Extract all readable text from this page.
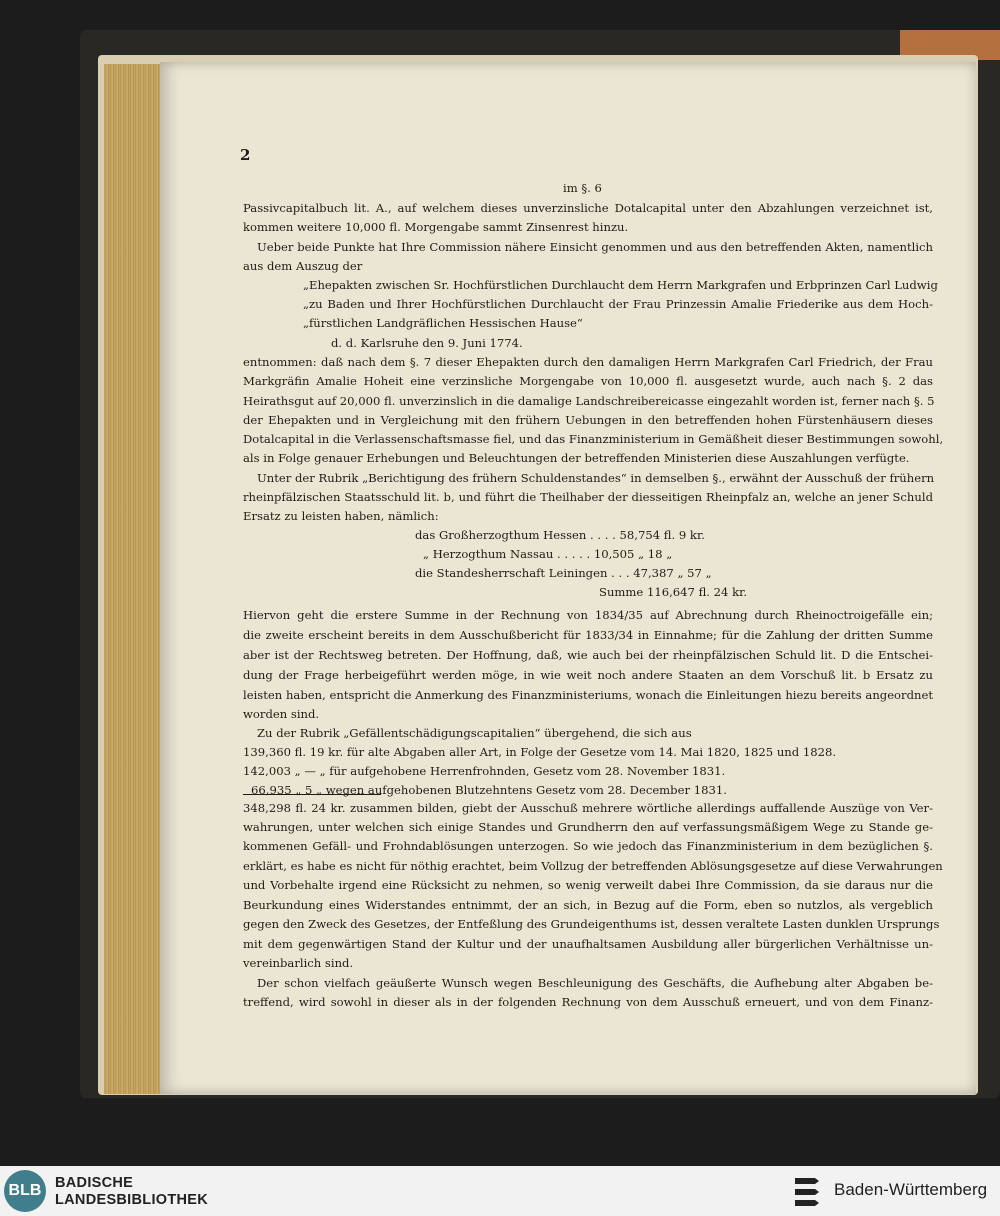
2
im §. 6
Passivcapitalbuch lit. A., auf welchem dieses unverzinsliche Dotalcapital unter den Abzahlungen verzeichnet ist,
kommen weitere 10,000 fl. Morgengabe sammt Zinsenrest hinzu.
Ueber beide Punkte hat Ihre Commission nähere Einsicht genommen und aus den betreffenden Akten, namentlich
aus dem Auszug der
„Ehepakten zwischen Sr. Hochfürstlichen Durchlaucht dem Herrn Markgrafen und Erbprinzen Carl Ludwig
„zu Baden und Ihrer Hochfürstlichen Durchlaucht der Frau Prinzessin Amalie Friederike aus dem Hoch-
„fürstlichen Landgräflichen Hessischen Hause“
d. d. Karlsruhe den 9. Juni 1774.
entnommen: daß nach dem §. 7 dieser Ehepakten durch den damaligen Herrn Markgrafen Carl Friedrich, der Frau
Markgräfin Amalie Hoheit eine verzinsliche Morgengabe von 10,000 fl. ausgesetzt wurde, auch nach §. 2 das
Heirathsgut auf 20,000 fl. unverzinslich in die damalige Landschreibereicasse eingezahlt worden ist, ferner nach §. 5
der Ehepakten und in Vergleichung mit den frühern Uebungen in den betreffenden hohen Fürstenhäusern dieses
Dotalcapital in die Verlassenschaftsmasse fiel, und das Finanzministerium in Gemäßheit dieser Bestimmungen sowohl,
als in Folge genauer Erhebungen und Beleuchtungen der betreffenden Ministerien diese Auszahlungen verfügte.
Unter der Rubrik „Berichtigung des frühern Schuldenstandes“ in demselben §., erwähnt der Ausschuß der frühern
rheinpfälzischen Staatsschuld lit. b, und führt die Theilhaber der diesseitigen Rheinpfalz an, welche an jener Schuld
Ersatz zu leisten haben, nämlich:
das Großherzogthum Hessen . . . . 58,754 fl. 9 kr.
„ Herzogthum Nassau . . . . . 10,505 „ 18 „
die Standesherrschaft Leiningen . . . 47,387 „ 57 „
Summe 116,647 fl. 24 kr.
Hiervon geht die erstere Summe in der Rechnung von 1834/35 auf Abrechnung durch Rheinoctroigefälle ein;
die zweite erscheint bereits in dem Ausschußbericht für 1833/34 in Einnahme; für die Zahlung der dritten Summe
aber ist der Rechtsweg betreten. Der Hoffnung, daß, wie auch bei der rheinpfälzischen Schuld lit. D die Entschei-
dung der Frage herbeigeführt werden möge, in wie weit noch andere Staaten an dem Vorschuß lit. b Ersatz zu
leisten haben, entspricht die Anmerkung des Finanzministeriums, wonach die Einleitungen hiezu bereits angeordnet
worden sind.
Zu der Rubrik „Gefällentschädigungscapitalien“ übergehend, die sich aus
139,360 fl. 19 kr. für alte Abgaben aller Art, in Folge der Gesetze vom 14. Mai 1820, 1825 und 1828.
142,003 „ — „ für aufgehobene Herrenfrohnden, Gesetz vom 28. November 1831.
66,935 „ 5 „ wegen aufgehobenen Blutzehntens Gesetz vom 28. December 1831.
348,298 fl. 24 kr. zusammen bilden, giebt der Ausschuß mehrere wörtliche allerdings auffallende Auszüge von Ver-
wahrungen, unter welchen sich einige Standes und Grundherrn den auf verfassungsmäßigem Wege zu Stande ge-
kommenen Gefäll- und Frohndablösungen unterzogen. So wie jedoch das Finanzministerium in dem bezüglichen §.
erklärt, es habe es nicht für nöthig erachtet, beim Vollzug der betreffenden Ablösungsgesetze auf diese Verwahrungen
und Vorbehalte irgend eine Rücksicht zu nehmen, so wenig verweilt dabei Ihre Commission, da sie daraus nur die
Beurkundung eines Widerstandes entnimmt, der an sich, in Bezug auf die Form, eben so nutzlos, als vergeblich
gegen den Zweck des Gesetzes, der Entfeßlung des Grundeigenthums ist, dessen veraltete Lasten dunklen Ursprungs
mit dem gegenwärtigen Stand der Kultur und der unaufhaltsamen Ausbildung aller bürgerlichen Verhältnisse un-
vereinbarlich sind.
Der schon vielfach geäußerte Wunsch wegen Beschleunigung des Geschäfts, die Aufhebung alter Abgaben be-
treffend, wird sowohl in dieser als in der folgenden Rechnung von dem Ausschuß erneuert, und von dem Finanz-
BLB BADISCHE
LANDESBIBLIOTHEK
Baden-Württemberg
